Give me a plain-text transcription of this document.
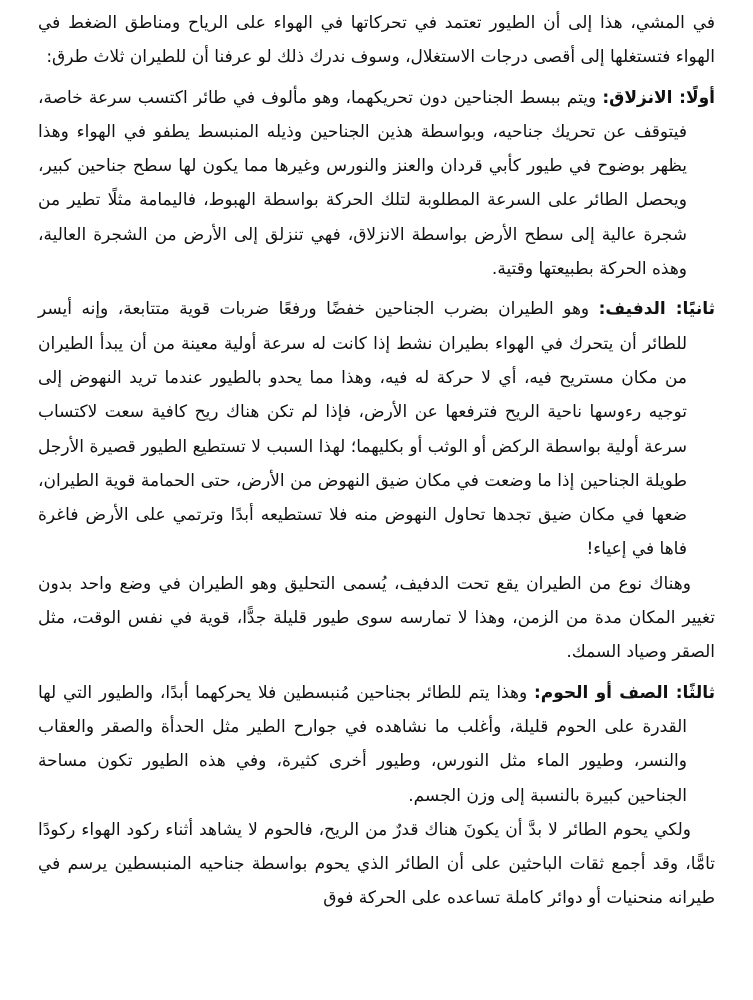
في المشي، هذا إلى أن الطيور تعتمد في تحركاتها في الهواء على الرياح ومناطق الضغط في الهواء فتستغلها إلى أقصى درجات الاستغلال، وسوف ندرك ذلك لو عرفنا أن للطيران ثلاث طرق:

أولًا: الانزلاق: ويتم ببسط الجناحين دون تحريكهما، وهو مألوف في طائر اكتسب سرعة خاصة، فيتوقف عن تحريك جناحيه، وبواسطة هذين الجناحين وذيله المنبسط يطفو في الهواء وهذا يظهر بوضوح في طيور كأبي قردان والعنز والنورس وغيرها مما يكون لها سطح جناحين كبير، ويحصل الطائر على السرعة المطلوبة لتلك الحركة بواسطة الهبوط، فاليمامة مثلًا تطير من شجرة عالية إلى سطح الأرض بواسطة الانزلاق، فهي تنزلق إلى الأرض من الشجرة العالية، وهذه الحركة بطبيعتها وقتية.

ثانيًا: الدفيف: وهو الطيران بضرب الجناحين خفضًا ورفعًا ضربات قوية متتابعة، وإنه أيسر للطائر أن يتحرك في الهواء بطيران نشط إذا كانت له سرعة أولية معينة من أن يبدأ الطيران من مكان مستريح فيه، أي لا حركة له فيه، وهذا مما يحدو بالطيور عندما تريد النهوض إلى توجيه رءوسها ناحية الريح فترفعها عن الأرض، فإذا لم تكن هناك ريح كافية سعت لاكتساب سرعة أولية بواسطة الركض أو الوثب أو بكليهما؛ لهذا السبب لا تستطيع الطيور قصيرة الأرجل طويلة الجناحين إذا ما وضعت في مكان ضيق النهوض من الأرض، حتى الحمامة قوية الطيران، ضعها في مكان ضيق تجدها تحاول النهوض منه فلا تستطيعه أبدًا وترتمي على الأرض فاغرة فاها في إعياء!

وهناك نوع من الطيران يقع تحت الدفيف، يُسمى التحليق وهو الطيران في وضع واحد بدون تغيير المكان مدة من الزمن، وهذا لا تمارسه سوى طيور قليلة جدًّا، قوية في نفس الوقت، مثل الصقر وصياد السمك.

ثالثًا: الصف أو الحوم: وهذا يتم للطائر بجناحين مُنبسطين فلا يحركهما أبدًا، والطيور التي لها القدرة على الحوم قليلة، وأغلب ما نشاهده في جوارح الطير مثل الحدأة والصقر والعقاب والنسر، وطيور الماء مثل النورس، وطيور أخرى كثيرة، وفي هذه الطيور تكون مساحة الجناحين كبيرة بالنسبة إلى وزن الجسم.

ولكي يحوم الطائر لا بدَّ أن يكونَ هناك قدرٌ من الريح، فالحوم لا يشاهد أثناء ركود الهواء ركودًا تامًّا، وقد أجمع ثقات الباحثين على أن الطائر الذي يحوم بواسطة جناحيه المنبسطين يرسم في طيرانه منحنيات أو دوائر كاملة تساعده على الحركة فوق
